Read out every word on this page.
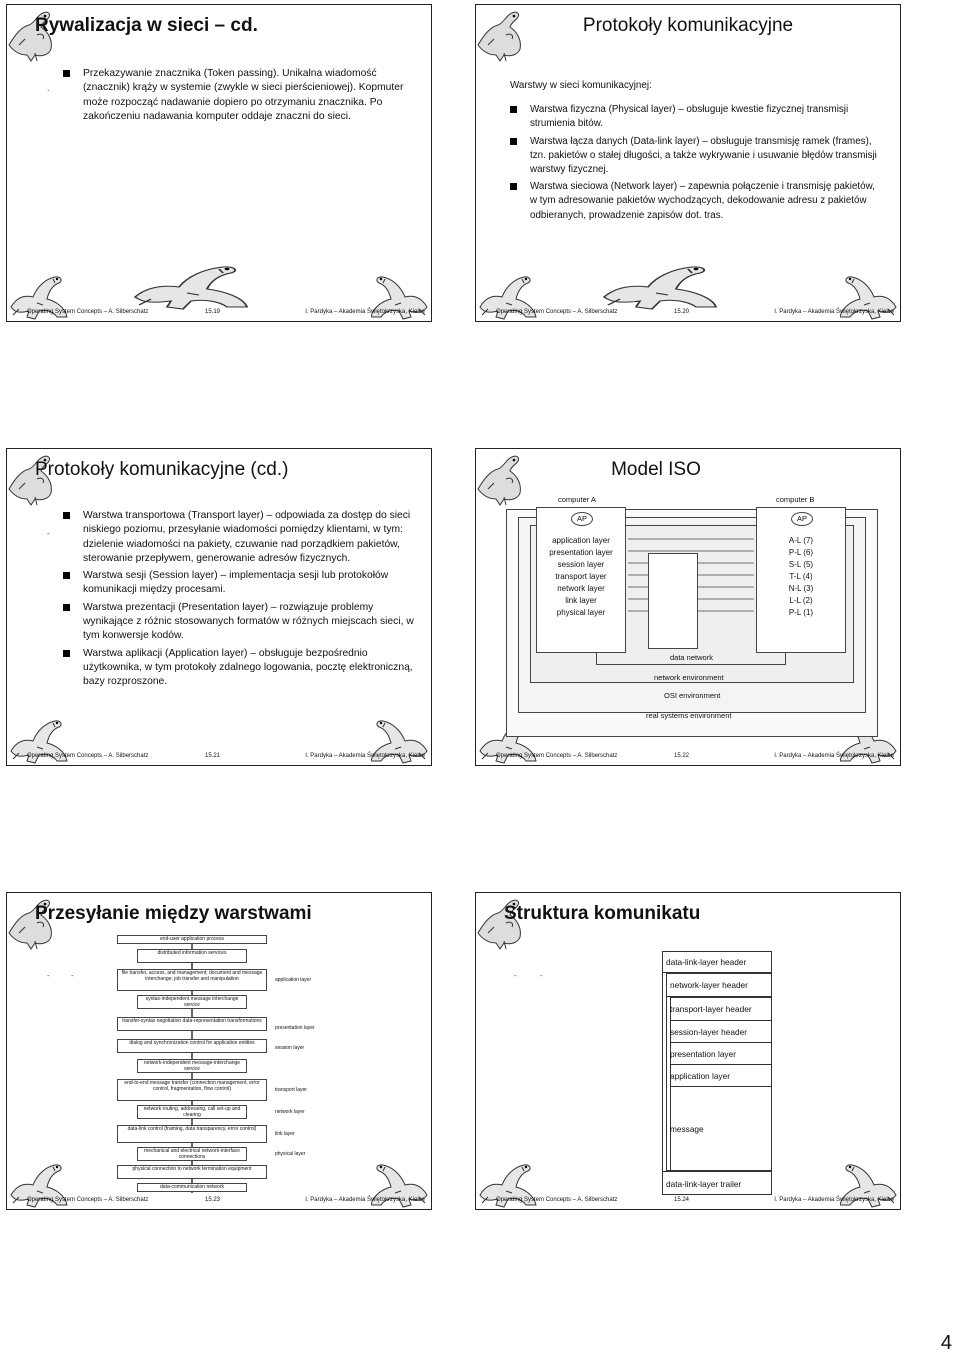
Rywalizacja w sieci – cd.
`
Przekazywanie znacznika (Token passing). Unikalna wiadomość (znacznik) krąży w systemie (zwykle w sieci pierścieniowej). Kopmuter może rozpocząć nadawanie dopiero po otrzymaniu znacznika. Po zakończeniu nadawania komputer oddaje znaczni do sieci.
Operating System Concepts – A. Silberschatz	15.19	I. Pardyka – Akademia Świętokrzyska, Kielce
Protokoły komunikacyjne
Warstwy w sieci komunikacyjnej:
Warstwa fizyczna (Physical layer) – obsługuje kwestie fizycznej transmisji strumienia bitów.
Warstwa łącza danych (Data-link layer) – obsługuje transmisję ramek (frames), tzn. pakietów o stałej długości, a także wykrywanie i usuwanie błędów transmisji warstwy fizycznej.
Warstwa sieciowa (Network layer) – zapewnia połączenie i transmisję pakietów, w tym adresowanie pakietów wychodzących, dekodowanie adresu z pakietów odbieranych, prowadzenie zapisów dot. tras.
Operating System Concepts – A. Silberschatz	15.20	I. Pardyka – Akademia Świętokrzyska, Kielce
Protokoły komunikacyjne (cd.)
-
Warstwa transportowa (Transport layer) – odpowiada za dostęp do sieci niskiego poziomu, przesyłanie wiadomości pomiędzy klientami, w tym: dzielenie wiadomości na pakiety, czuwanie nad porządkiem pakietów, sterowanie przepływem, generowanie adresów fizycznych.
Warstwa sesji (Session layer) – implementacja sesji lub protokołów komunikacji między procesami.
Warstwa prezentacji (Presentation layer) – rozwiązuje problemy wynikające z różnic stosowanych formatów w różnych miejscach sieci, w tym konwersje kodów.
Warstwa aplikacji (Application layer) – obsługuje bezpośrednio użytkownika, w tym protokoły zdalnego logowania, pocztę elektroniczną, bazy rozproszone.
Operating System Concepts – A. Silberschatz	15.21	I. Pardyka – Akademia Świętokrzyska, Kielce
Model ISO
computer A	computer B
AP
application layer
presentation layer
session layer
transport layer
network layer
link layer
physical layer
AP
A-L (7)
P-L (6)
S-L (5)
T-L (4)
N-L (3)
L-L (2)
P-L (1)
data network
network environment
OSI environment
real systems environment
Operating System Concepts – A. Silberschatz	15.22	I. Pardyka – Akademia Świętokrzyska, Kielce
Przesyłanie między warstwami
-	-
end-user application process
distributed information services
file transfer, access, and management; document and message interchange; job transfer and manipulation
syntax-independent message interchange service
transfer-syntax negotiation data-representation transformations
dialog and synchronization control for application entities
network-independent message-interchange service
end-to-end message transfer (connection management, error control, fragmentation, flow control)
network routing, addressing, call set-up and clearing
data-link control (framing, data transparency, error control)
mechanical and electrical network-interface connections
physical connection to network termination equipment
data-communication network
application layer
presentation layer
session layer
transport layer
network layer
link layer
physical layer
Operating System Concepts – A. Silberschatz	15.23	I. Pardyka – Akademia Świętokrzyska, Kielce
Struktura komunikatu
-	-
data-link-layer header
network-layer header
transport-layer header
session-layer header
presentation layer
application layer
message
data-link-layer trailer
Operating System Concepts – A. Silberschatz	15.24	I. Pardyka – Akademia Świętokrzyska, Kielce
4
